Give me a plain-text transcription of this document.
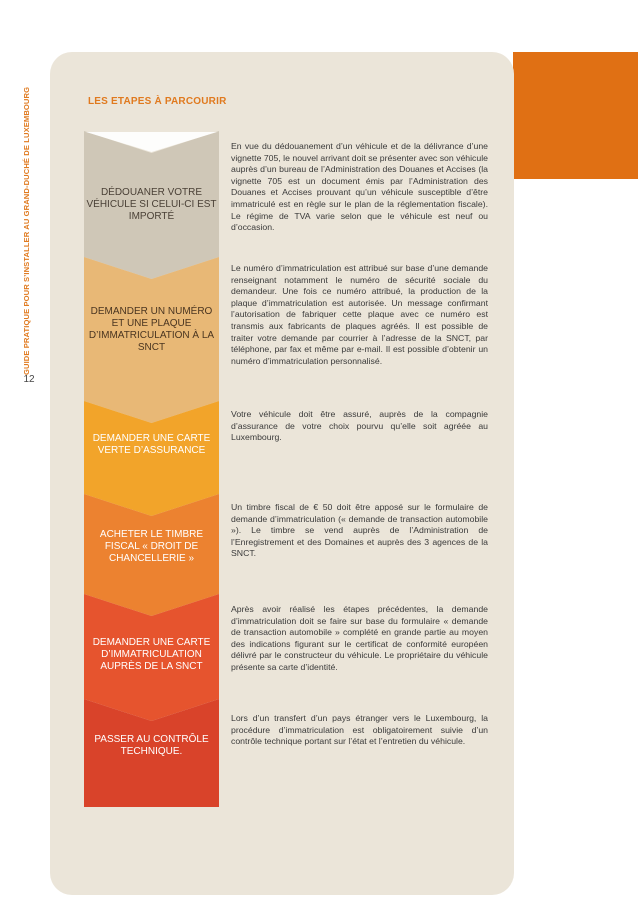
GUIDE PRATIQUE POUR S’INSTALLER AU GRAND-DUCHÉ DE LUXEMBOURG
12
LES ETAPES À PARCOURIR
DÉDOUANER VOTRE VÉHICULE SI CELUI-CI EST IMPORTÉ
DEMANDER UN NUMÉRO ET UNE PLAQUE D’IMMATRICULATION À LA SNCT
DEMANDER UNE CARTE VERTE D’ASSURANCE
ACHETER LE TIMBRE FISCAL « DROIT DE CHANCELLERIE »
DEMANDER UNE CARTE D’IMMATRICULATION AUPRÈS DE LA SNCT
PASSER AU CONTRÔLE TECHNIQUE.
En vue du dédouanement d’un véhicule et de la délivrance d’une vignette 705, le nouvel arrivant doit se présenter avec son véhicule auprès d’un bureau de l’Administration des Douanes et Accises (la vignette 705 est un document émis par l’Administration des Douanes et Accises prouvant qu’un véhicule susceptible d’être immatriculé est en règle sur le plan de la réglementation fiscale). Le régime de TVA varie selon que le véhicule est neuf ou d’occasion.
Le numéro d’immatriculation est attribué sur base d’une demande renseignant notamment le numéro de sécurité sociale du demandeur. Une fois ce numéro attribué, la production de la plaque d’immatriculation est autorisée. Un message confirmant l’autorisation de fabriquer cette plaque avec ce numéro est transmis aux fabricants de plaques agréés. Il est possible de traiter votre demande par courrier à l’adresse de la SNCT, par téléphone, par fax et même par e-mail. Il est possible d’obtenir un numéro d’immatriculation personnalisé.
Votre véhicule doit être assuré, auprès de la compagnie d’assurance de votre choix pourvu qu’elle soit agréée au Luxembourg.
Un timbre fiscal de € 50 doit être apposé sur le formulaire de demande d’immatriculation (« demande de transaction automobile »). Le timbre se vend auprès de l’Administration de l’Enregistrement et des Domaines et auprès des 3 agences de la SNCT.
Après avoir réalisé les étapes précédentes, la demande d’immatriculation doit se faire sur base du formulaire « demande de transaction automobile » complété en grande partie au moyen des indications figurant sur le certificat de conformité européen délivré par le constructeur du véhicule. Le propriétaire du véhicule présente sa carte d’identité.
Lors d’un transfert d’un pays étranger vers le Luxembourg, la procédure d’immatriculation est obligatoirement suivie d’un contrôle technique portant sur l’état et l’entretien du véhicule.
